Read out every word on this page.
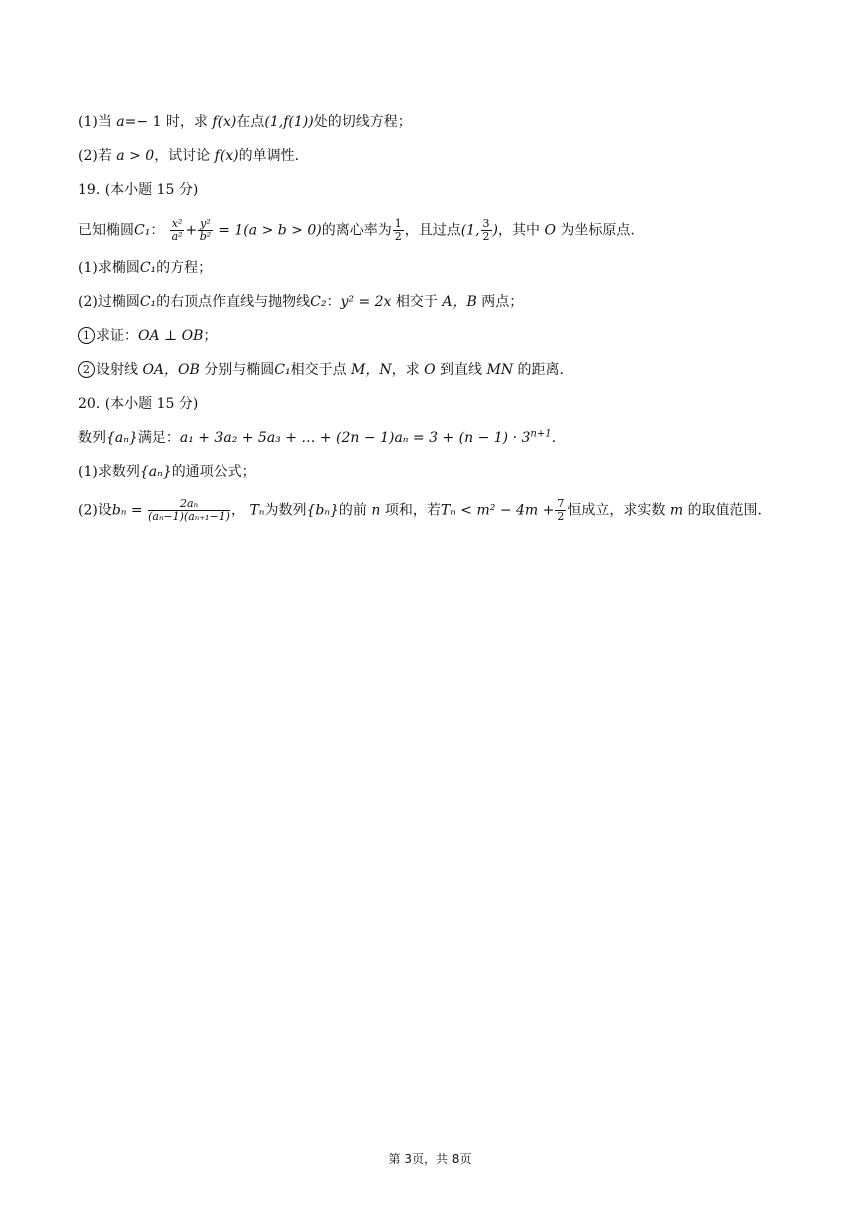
(1)当 a=− 1 时，求 f(x)在点(1,f(1))处的切线方程；
(2)若 a > 0，试讨论 f(x)的单调性.
19. (本小题 15 分)
已知椭圆C₁： $\frac{\text{x²}}{\text{a²}} + \frac{\text{y²}}{\text{b²}} = 1(a > b > 0)$的离心率为 $\frac{1}{2}$ ，且过点(1, $\frac{3}{2}$ )，其中 O 为坐标原点.
(1)求椭圆C₁的方程；
(2)过椭圆C₁的右顶点作直线与抛物线C₂：y² = 2x 相交于 A，B 两点；
1 求证：OA ⊥ OB；
2 设射线 OA，OB 分别与椭圆C₁相交于点 M，N，求 O 到直线 MN 的距离.
20. (本小题 15 分)
数列{aₙ}满足：a₁ + 3a₂ + 5a₃ + … + $(2n - 1)a_n = 3 + (n - 1) \cdot 3^{n+1}$.
(1)求数列{aₙ}的通项公式；
(2)设$b_n = \frac{\text{2aₙ}}{\text{(aₙ−1)(aₙ₊₁−1)}}$ ， Tₙ为数列{bₙ}的前 n 项和，若$T_n < m^2 - 4m + \frac{7}{2}$ 恒成立，求实数 m 的取值范围.
第 3页，共 8页
